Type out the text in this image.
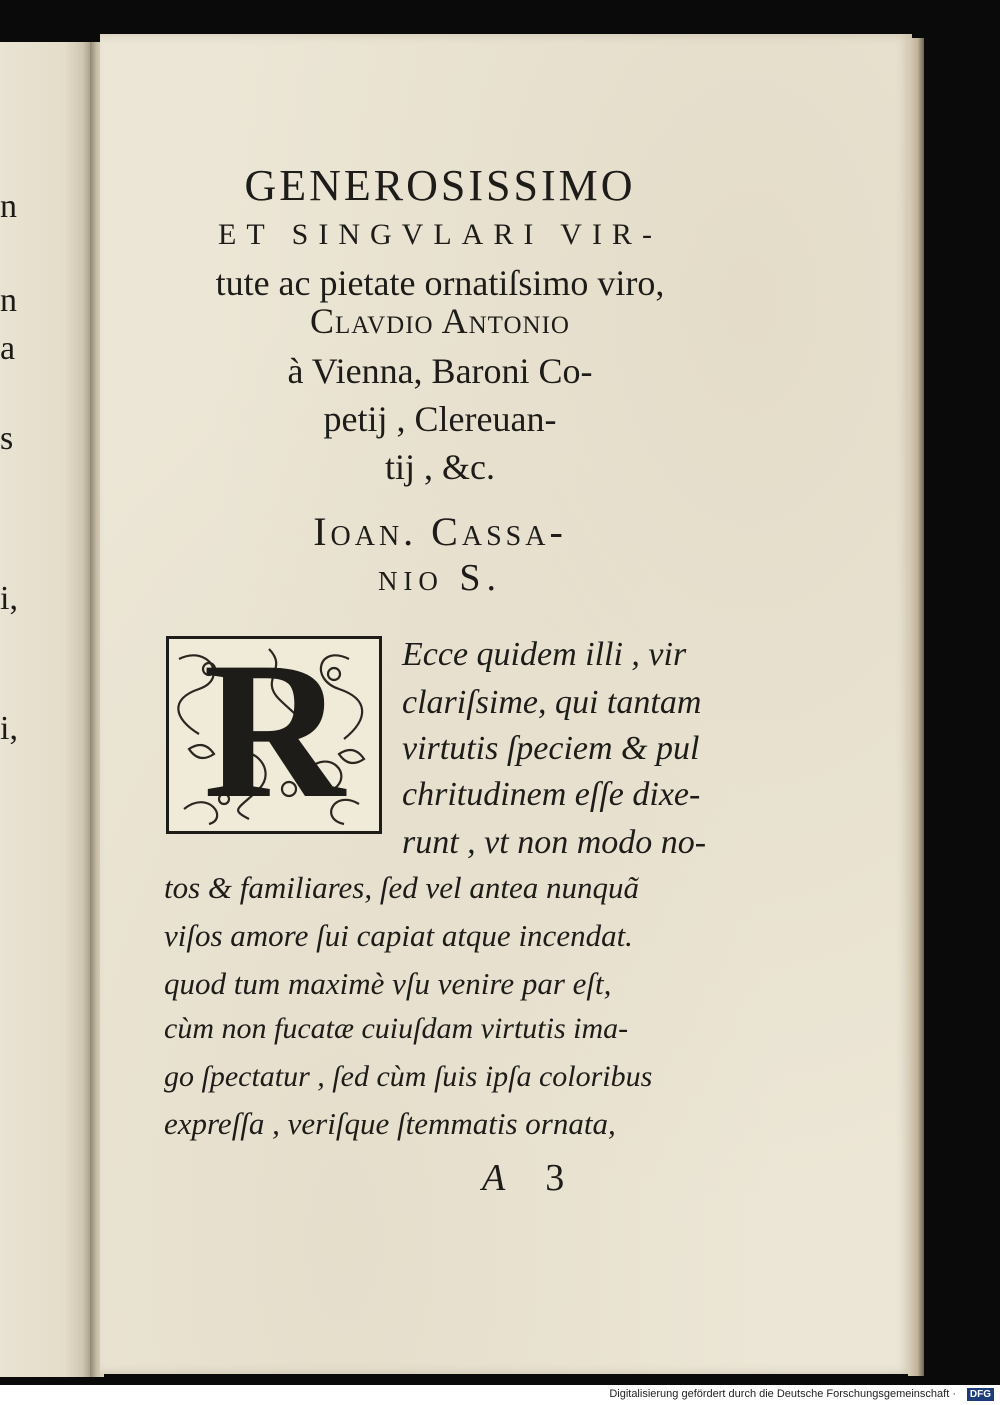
n
n
a
s
i,
i,
GENEROSISSIMO
ET SINGVLARI VIR-
tute ac pietate ornatiſsimo viro,
Clavdio Antonio
à Vienna, Baroni Co-
petij , Clereuan-
tij , &c.
Ioan. Cassa-
nio S.
R	Ecce quidem illi , vir
clariſsime, qui tantam
virtutis ſpeciem & pul
chritudinem eſſe dixe-
runt , vt non modo no-
tos & familiares, ſed vel antea nunquã
viſos amore ſui capiat atque incendat.
quod tum maximè vſu venire par eſt,
cùm non fucatæ cuiuſdam virtutis ima-
go ſpectatur , ſed cùm ſuis ipſa coloribus
expreſſa , veriſque ſtemmatis ornata,
A 3
Digitalisierung gefördert durch die Deutsche Forschungsgemeinschaft ·	DFG
